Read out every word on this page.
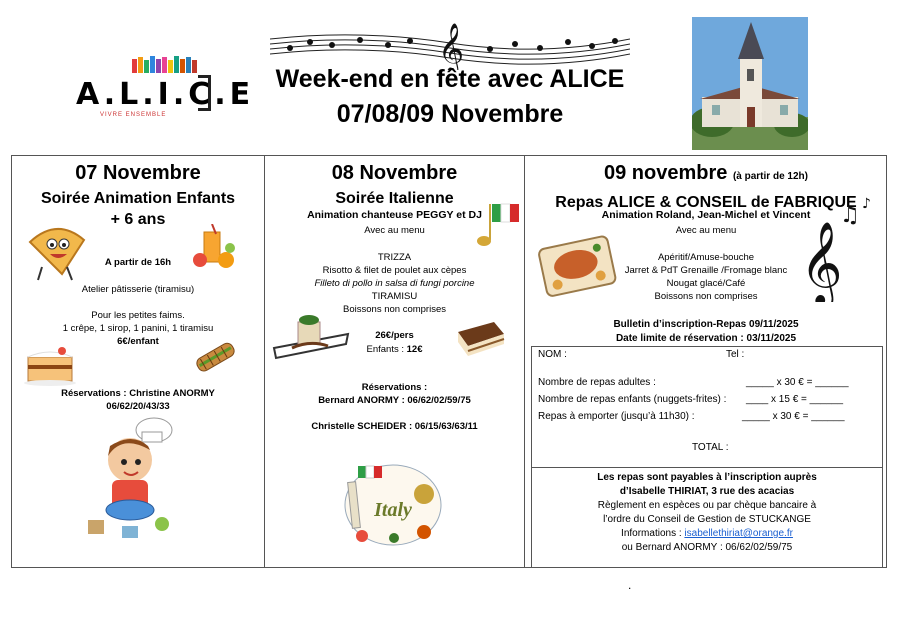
𝄞
Week-end en fête avec ALICE
07/08/09 Novembre
A.L.I.C.E
VIVRE ENSEMBLE
07 Novembre
Soirée Animation Enfants
+ 6 ans
A partir de 16h
Atelier pâtisserie (tiramisu)
Pour les petites faims.
1 crêpe, 1 sirop, 1 panini, 1 tiramisu
6€/enfant
Réservations : Christine ANORMY
06/62/20/43/33
08 Novembre
Soirée Italienne
Animation chanteuse PEGGY et DJ
Avec au menu
TRIZZA
Risotto & filet de poulet aux cèpes
Filleto di pollo in salsa di fungi porcine
TIRAMISU
Boissons non comprises
26€/pers
Enfants : 12€
Réservations :
Bernard ANORMY : 06/62/02/59/75
Christelle SCHEIDER : 06/15/63/63/11
Italy
09 novembre (à partir de 12h)
Repas ALICE & CONSEIL de FABRIQUE
Animation Roland, Jean-Michel et Vincent
Avec au menu
Apéritif/Amuse-bouche
Jarret & PdT Grenaille /Fromage blanc
Nougat glacé/Café
Boissons non comprises 𝄞
♫ ♪
Bulletin d’inscription-Repas 09/11/2025
Date limite de réservation : 03/11/2025
NOM :	Tel :
Nombre de repas adultes :	_____ x 30 € = ______
Nombre de repas enfants (nuggets-frites) : ____ x 15 € = ______
Repas à emporter (jusqu’à 11h30) :	_____ x 30 € = ______
TOTAL :
Les repas sont payables à l’inscription auprès
d’Isabelle THIRIAT, 3 rue des acacias
Règlement en espèces ou par chèque bancaire à
l’ordre du Conseil de Gestion de STUCKANGE
Informations : isabellethiriat@orange.fr
ou Bernard ANORMY : 06/62/02/59/75
.
